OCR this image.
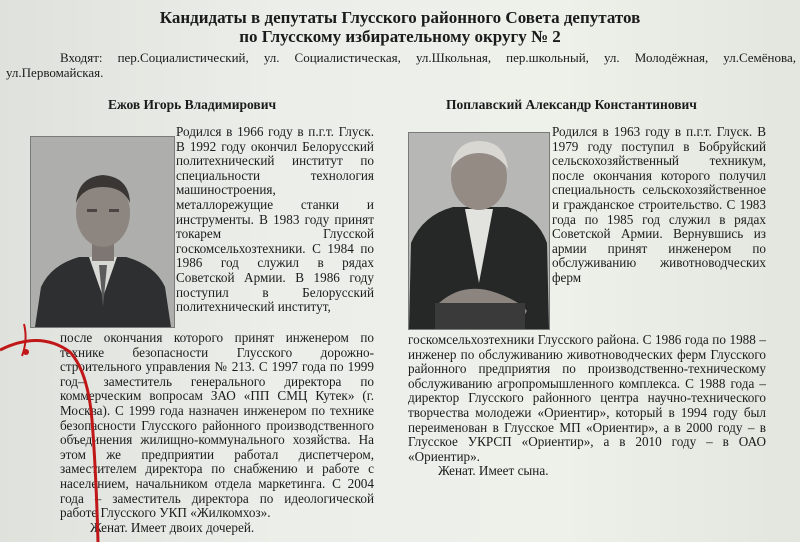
Кандидаты в депутаты Глусского районного Совета депутатов
по Глусскому избирательному округу № 2
Входят: пер.Социалистический, ул. Социалистическая, ул.Школьная, пер.школьный, ул. Молодёжная, ул.Семёнова, ул.Первомайская.
Ежов Игорь Владимирович	Поплавский Александр Константинович
Родился в 1966 году в п.г.т. Глуск. В 1992 году окончил Белорусский политехнический институт по специальности технология машиностроения, металлорежущие станки и инструменты. В 1983 году принят токарем Глусской госкомсельхозтехники. С 1984 по 1986 год служил в рядах Советской Армии. В 1986 году поступил в Белорусский политехнический институт,
после окончания которого принят инженером по технике безопасности Глусского дорожно-строительного управления № 213. С 1997 года по 1999 год– заместитель генерального директора по коммерческим вопросам ЗАО «ПП СМЦ Кутек» (г. Москва). С 1999 года назначен инженером по технике безопасности Глусского районного производственного объединения жилищно-коммунального хозяйства. На этом же предприятии работал диспетчером, заместителем директора по снабжению и работе с населением, начальником отдела маркетинга. С 2004 года – заместитель директора по идеологической работе Глусского УКП «Жилкомхоз».
Женат. Имеет двоих дочерей.
Родился в 1963 году в п.г.т. Глуск. В 1979 году поступил в Бобруйский сельскохозяйственный техникум, после окончания которого получил специальность сельскохозяйственное и гражданское строительство. С 1983 года по 1985 год служил в рядах Советской Армии. Вернувшись из армии принят инженером по обслуживанию животноводческих ферм
госкомсельхозтехники Глусского района. С 1986 года по 1988 – инженер по обслуживанию животноводческих ферм Глусского районного предприятия по производственно-техническому обслуживанию агропромышленного комплекса. С 1988 года – директор Глусского районного центра научно-технического творчества молодежи «Ориентир», который в 1994 году был переименован в Глусское МП «Ориентир», а в 2000 году – в Глусское УКРСП «Ориентир», а в 2010 году – в ОАО «Ориентир».
Женат. Имеет сына.
